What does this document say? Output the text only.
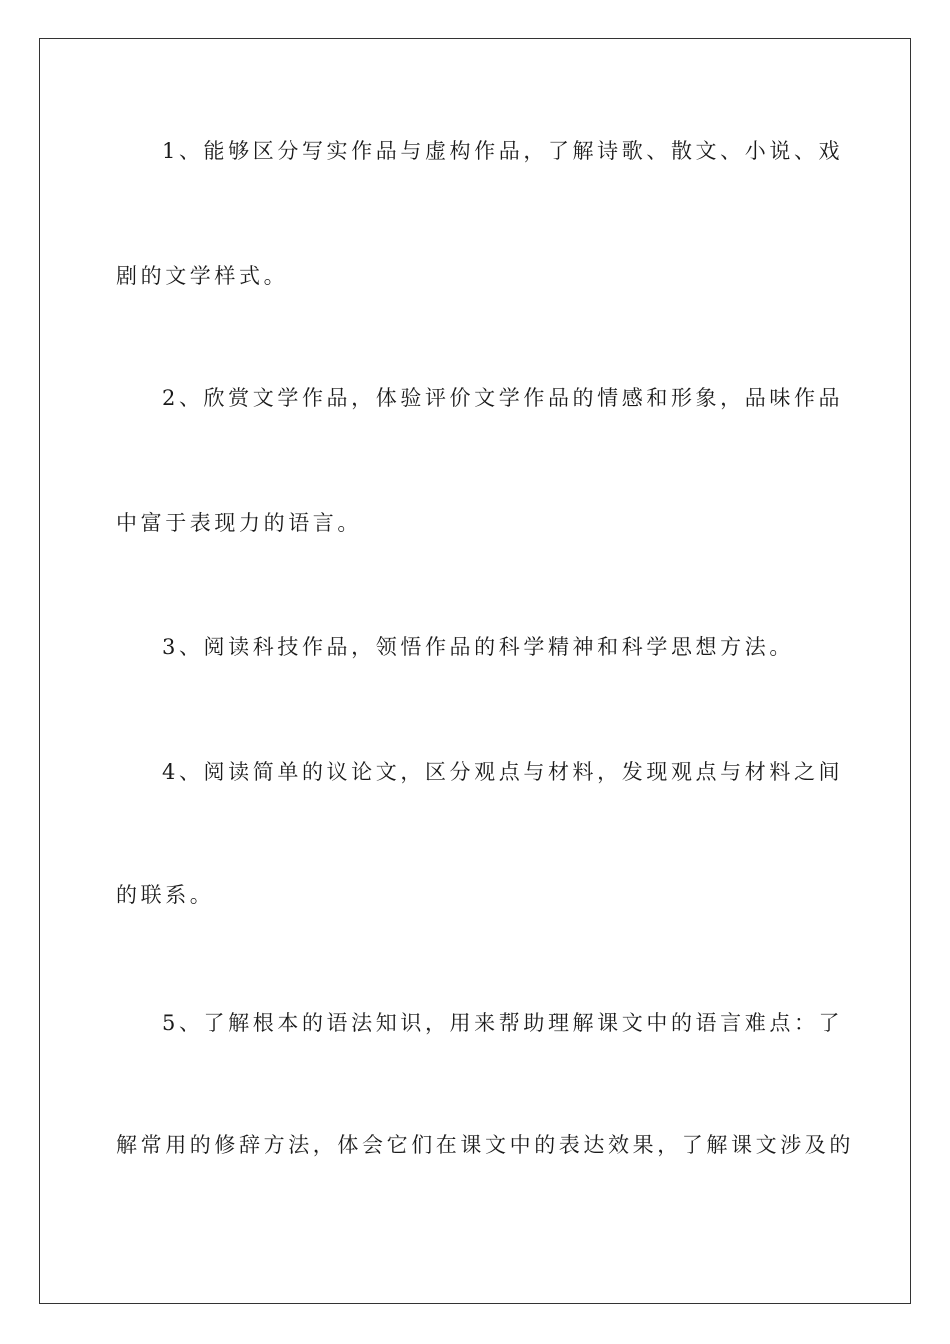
1、能够区分写实作品与虚构作品，了解诗歌、散文、小说、戏
剧的文学样式。
2、欣赏文学作品，体验评价文学作品的情感和形象，品味作品
中富于表现力的语言。
3、阅读科技作品，领悟作品的科学精神和科学思想方法。
4、阅读简单的议论文，区分观点与材料，发现观点与材料之间
的联系。
5、了解根本的语法知识，用来帮助理解课文中的语言难点：了
解常用的修辞方法，体会它们在课文中的表达效果，了解课文涉及的
